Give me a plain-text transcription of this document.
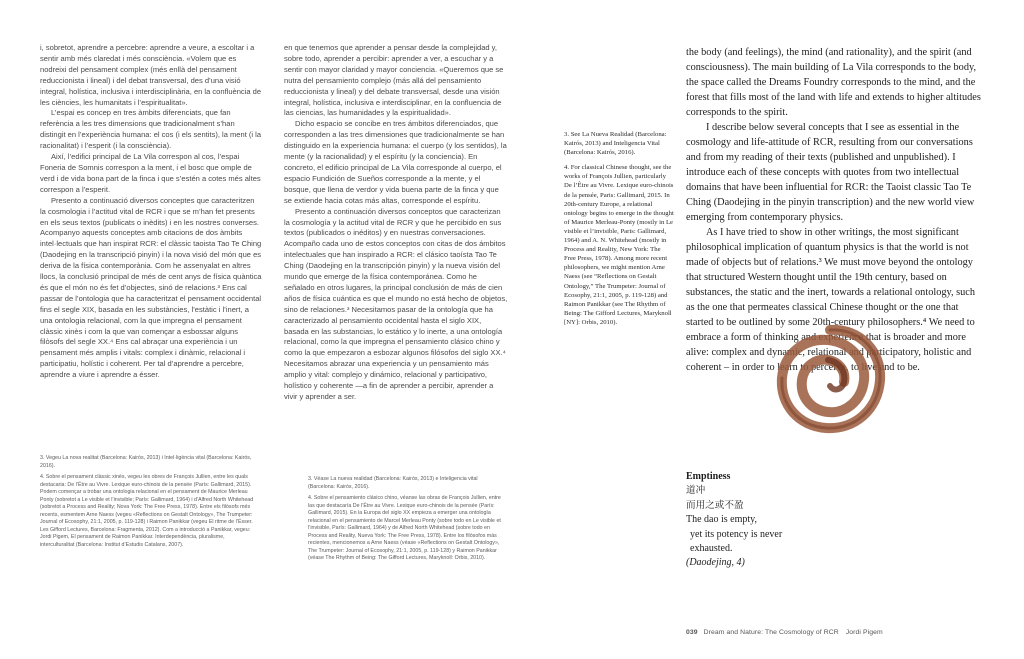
i, sobretot, aprendre a percebre: aprendre a veure, a escoltar i a sentir amb més claredat i més consciència. «Volem que es nodreixi del pensament complex (més enllà del pensament reduccionista i lineal) i del debat transversal, des d’una visió integral, holística, inclusiva i interdisciplinària, en la confluència de les ciències, les humanitats i l’espiritualitat».

L’espai es concep en tres àmbits diferenciats, que fan referència a les tres dimensions que tradicionalment s’han distingit en l’experiència humana: el cos (i els sentits), la ment (i la racionalitat) i l’esperit (i la consciència).

Així, l’edifici principal de La Vila correspon al cos, l’espai Foneria de Somnis correspon a la ment, i el bosc que omple de verd i de vida bona part de la finca i que s’estén a cotes més altes correspon a l’esperit.

Presento a continuació diversos conceptes que caracteritzen la cosmologia i l’actitud vital de RCR i que se m’han fet presents en els seus textos (publicats o inèdits) i en les nostres converses. Acompanyo aquests conceptes amb citacions de dos àmbits intel·lectuals que han inspirat RCR: el clàssic taoista Tao Te Ching (Daodejing en la transcripció pinyin) i la nova visió del món que es deriva de la física contemporània. Com he assenyalat en altres llocs, la conclusió principal de més de cent anys de física quàntica és que el món no és fet d’objectes, sinó de relacions.³ Ens cal passar de l’ontologia que ha caracteritzat el pensament occidental fins el segle XIX, basada en les substàncies, l’estàtic i l’inert, a una ontologia relacional, com la que impregna el pensament clàssic xinès i com la que van començar a esbossar alguns filòsofs del segle XX.⁴ Ens cal abraçar una experiència i un pensament més amplis i vitals: complex i dinàmic, relacional i participatiu, holístic i coherent. Per tal d’aprendre a percebre, aprendre a viure i aprendre a ésser.

3. Vegeu La nova realitat (Barcelona: Kairós, 2013) i Intel·ligència vital (Barcelona: Kairós, 2016).

4. Sobre el pensament clàssic xinès, vegeu les obres de François Jullien, entre les quals destacaria: De l’Être au Vivre. Lexique euro-chinois de la pensée (París: Gallimard, 2015). Podem començar a trobar una ontologia relacional en el pensament de Maurice Merleau Ponty (sobretot a Le visible et l’invisible; París: Gallimard, 1964) i d’Alfred North Whitehead (sobretot a Process and Reality; Nova York: The Free Press, 1978). Entre els filòsofs més recents, esmentem Arne Naess (vegeu «Reflections on Gestalt Ontology», The Trumpeter: Journal of Ecosophy, 21:1, 2005, p. 119-128) i Raimon Panikkar (vegeu El ritme de l’Ésser. Les Gifford Lectures, Barcelona: Fragmenta, 2012). Com a introducció a Panikkar, vegeu: Jordi Pigem, El pensament de Raimon Panikkar. Interdependència, pluralisme, interculturalitat (Barcelona: Institut d’Estudis Catalans, 2007).

en que tenemos que aprender a pensar desde la complejidad y, sobre todo, aprender a percibir: aprender a ver, a escuchar y a sentir con mayor claridad y mayor conciencia. «Queremos que se nutra del pensamiento complejo (más allá del pensamiento reduccionista y lineal) y del debate transversal, desde una visión integral, holística, inclusiva e interdisciplinar, en la confluencia de las ciencias, las humanidades y la espiritualidad».

Dicho espacio se concibe en tres ámbitos diferenciados, que corresponden a las tres dimensiones que tradicionalmente se han distinguido en la experiencia humana: el cuerpo (y los sentidos), la mente (y la racionalidad) y el espíritu (y la conciencia). En concreto, el edificio principal de La Vila corresponde al cuerpo, el espacio Fundición de Sueños corresponde a la mente, y el bosque, que llena de verdor y vida buena parte de la finca y que se extiende hacia cotas más altas, corresponde el espíritu.

Presento a continuación diversos conceptos que caracterizan la cosmología y la actitud vital de RCR y que he percibido en sus textos (publicados o inéditos) y en nuestras conversaciones. Acompaño cada uno de estos conceptos con citas de dos ámbitos intelectuales que han inspirado a RCR: el clásico taoísta Tao Te Ching (Daodejing en la transcripción pinyin) y la nueva visión del mundo que emerge de la física contemporánea. Como he señalado en otros lugares, la principal conclusión de más de cien años de física cuántica es que el mundo no está hecho de objetos, sino de relaciones.³ Necesitamos pasar de la ontología que ha caracterizado al pensamiento occidental hasta el siglo XIX, basada en las substancias, lo estático y lo inerte, a una ontología relacional, como la que impregna el pensamiento clásico chino y como la que empezaron a esbozar algunos filósofos del siglo XX.⁴ Necesitamos abrazar una experiencia y un pensamiento más amplio y vital: complejo y dinámico, relacional y participativo, holístico y coherente —a fin de aprender a percibir, aprender a vivir y aprender a ser.

3. Véase La nueva realidad (Barcelona: Kairós, 2013) e Inteligencia vital (Barcelona: Kairós, 2016).

4. Sobre el pensamiento clásico chino, véanse las obras de François Jullien, entre las que destacaría De l’Être au Vivre. Lexique euro-chinois de la pensée (París: Gallimard, 2015). En la Europa del siglo XX empieza a emerger una ontología relacional en el pensamiento de Marcel Merleau Ponty (sobre todo en Le visible et l’invisible, París: Gallimard, 1964) y de Alfred North Whitehead (sobre todo en Process and Reality, Nueva York: The Free Press, 1978). Entre los filósofos más recientes, mencionemos a Arne Naess (véase «Reflections on Gestalt Ontology», The Trumpeter: Journal of Ecosophy, 21:1, 2005, p. 119-128) y Raimon Panikkar (véase The Rhythm of Being: The Gifford Lectures, Maryknoll: Orbis, 2010).

3. See La Nueva Realidad (Barcelona: Kairós, 2013) and Inteligencia Vital (Barcelona: Kairós, 2016).

4. For classical Chinese thought, see the works of François Jullien, particularly De l’Être au Vivre. Lexique euro-chinois de la pensée, Paris: Gallimard, 2015. In 20th-century Europe, a relational ontology begins to emerge in the thought of Maurice Merleau-Ponty (mostly in Le visible et l’invisible, Paris: Gallimard, 1964) and A. N. Whitehead (mostly in Process and Reality, New York: The Free Press, 1978). Among more recent philosophers, we might mention Arne Naess (see “Reflections on Gestalt Ontology,” The Trumpeter: Journal of Ecosophy, 21:1, 2005, p. 119-128) and Raimon Panikkar (see The Rhythm of Being: The Gifford Lectures, Maryknoll [NY]: Orbis, 2010).

the body (and feelings), the mind (and rationality), and the spirit (and consciousness). The main building of La Vila corresponds to the body, the space called the Dreams Foundry corresponds to the mind, and the forest that fills most of the land with life and extends to higher altitudes corresponds to the spirit.

I describe below several concepts that I see as essential in the cosmology and life-attitude of RCR, resulting from our conversations and from my reading of their texts (published and unpublished). I introduce each of these concepts with quotes from two intellectual domains that have been influential for RCR: the Taoist classic Tao Te Ching (Daodejing in the pinyin transcription) and the new world view emerging from contemporary physics.

As I have tried to show in other writings, the most significant philosophical implication of quantum physics is that the world is not made of objects but of relations.³ We must move beyond the ontology that structured Western thought until the 19th century, based on substances, the static and the inert, towards a relational ontology, such as the one that permeates classical Chinese thought or the one that started to be outlined by some 20th-century philosophers.⁴ We need to embrace a form of thinking and experience that is broader and more alive: complex and dynamic, relational and participatory, holistic and coherent – in order to learn to perceive, to live and to be.

Emptiness
道冲
而用之或不盈
The dao is empty,
yet its potency is never exhausted.
(Daodejing, 4)
039 Dream and Nature: The Cosmology of RCR Jordi Pigem
